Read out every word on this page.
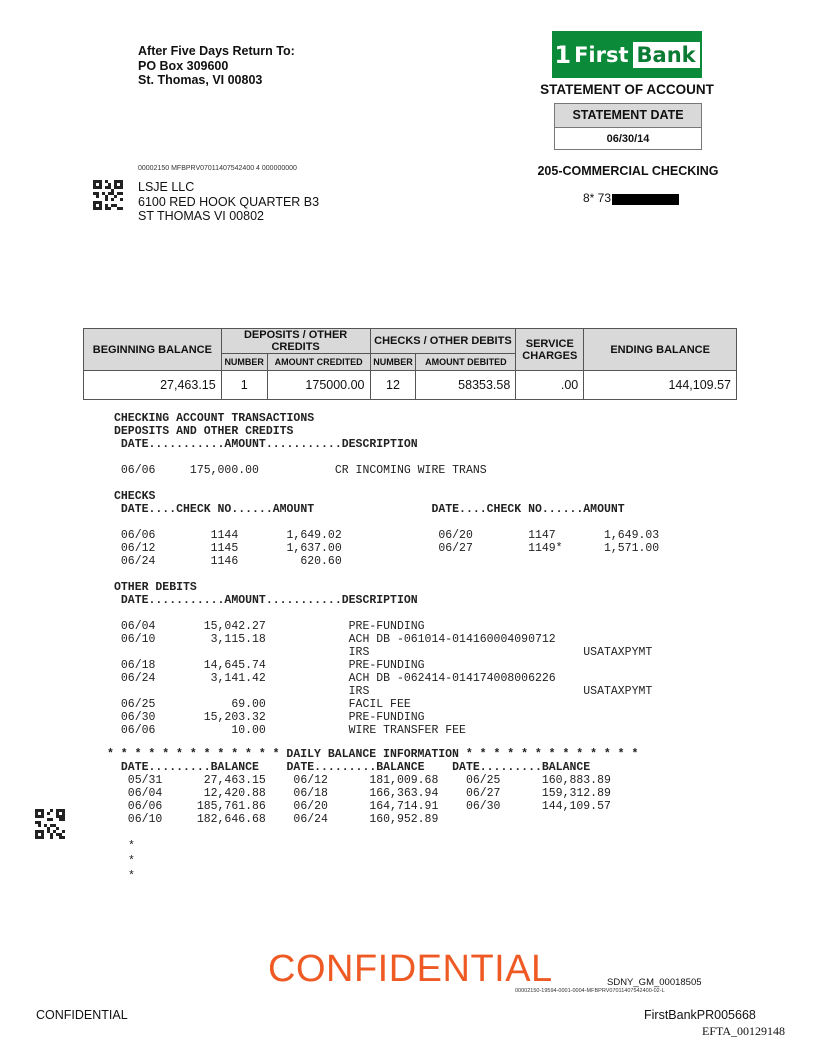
After Five Days Return To:
PO Box 309600
St. Thomas, VI 00803
1 First Bank
STATEMENT OF ACCOUNT
STATEMENT DATE
06/30/14
205-COMMERCIAL CHECKING
8* 73
00002150 MFBPRV07011407542400 4 000000000
LSJE LLC
6100 RED HOOK QUARTER B3
ST THOMAS VI 00802
BEGINNING BALANCE	DEPOSITS / OTHER CREDITS		CHECKS / OTHER DEBITS		SERVICE CHARGES	ENDING BALANCE
	NUMBER	AMOUNT CREDITED	NUMBER	AMOUNT DEBITED		
27,463.15	1	175000.00	12	58353.58	.00	144,109.57
CHECKING ACCOUNT TRANSACTIONS
DEPOSITS AND OTHER CREDITS
DATE...........AMOUNT...........DESCRIPTION
06/06     175,000.00           CR INCOMING WIRE TRANS
CHECKS
DATE....CHECK NO......AMOUNT                 DATE....CHECK NO......AMOUNT
06/06        1144       1,649.02              06/20        1147       1,649.03
06/12        1145       1,637.00              06/27        1149*      1,571.00
06/24        1146         620.60
OTHER DEBITS
DATE...........AMOUNT...........DESCRIPTION
06/04       15,042.27            PRE-FUNDING
06/10        3,115.18            ACH DB -061014-014160004090712
IRS                               USATAXPYMT
06/18       14,645.74            PRE-FUNDING
06/24        3,141.42            ACH DB -062414-014174008006226
IRS                               USATAXPYMT
06/25           69.00            FACIL FEE
06/30       15,203.32            PRE-FUNDING
06/06           10.00            WIRE TRANSFER FEE
* * * * * * * * * * * * * DAILY BALANCE INFORMATION * * * * * * * * * * * * *
DATE.........BALANCE    DATE.........BALANCE    DATE.........BALANCE
05/31      27,463.15    06/12      181,009.68    06/25      160,883.89
06/04      12,420.88    06/18      166,363.94    06/27      159,312.89
06/06     185,761.86    06/20      164,714.91    06/30      144,109.57
06/10     182,646.68    06/24      160,952.89
*
*
*
CONFIDENTIAL	SDNY_GM_00018505
00002150-19594-0001-0004-MFBPRV07011407542400-02-L
CONFIDENTIAL	FirstBankPR005668
EFTA_00129148
